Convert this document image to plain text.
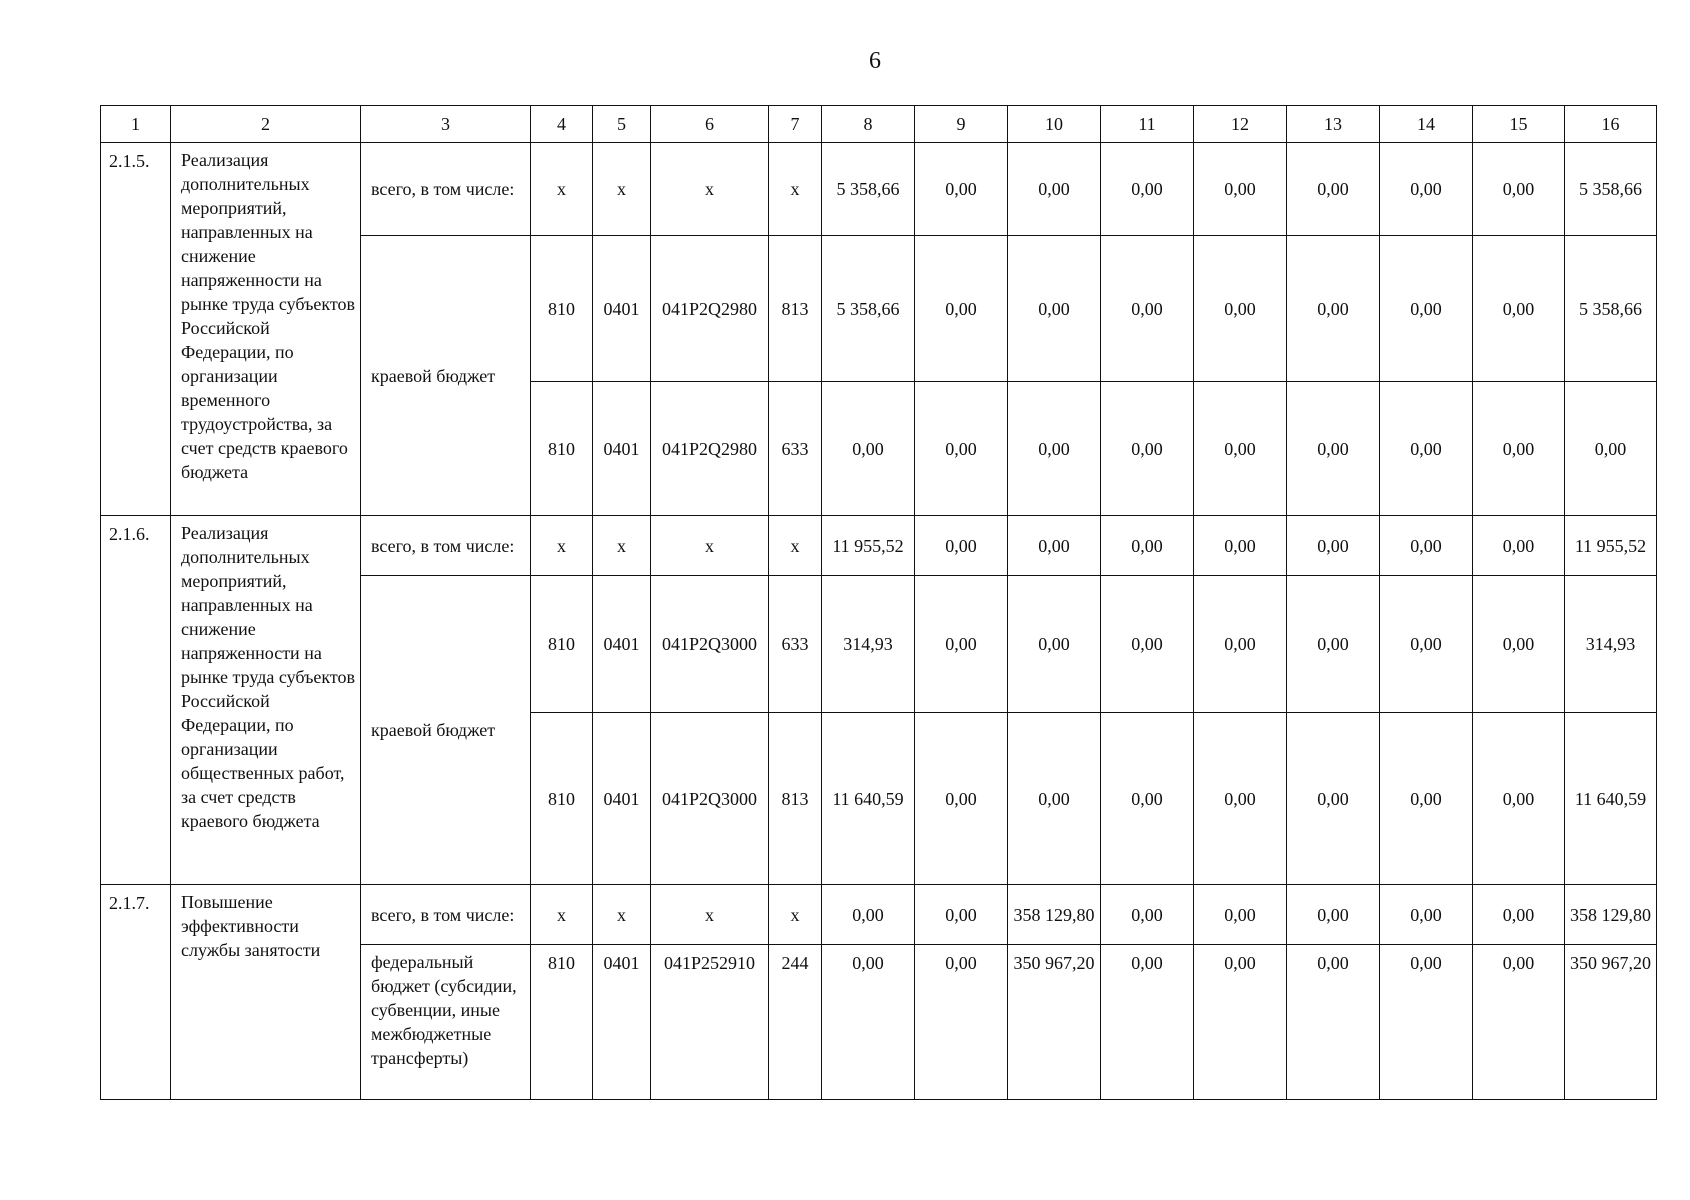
6
1	2	3	4	5	6	7	8	9	10	11	12	13	14	15	16
2.1.5.	Реализация дополнительных мероприятий, направленных на снижение напряженности на рынке труда субъектов Российской Федерации, по организации временного трудоустройства, за счет средств краевого бюджета	всего, в том числе:	х	х	х	х	5 358,66	0,00	0,00	0,00	0,00	0,00	0,00	0,00	5 358,66
		краевой бюджет	810	0401	041P2Q2980	813	5 358,66	0,00	0,00	0,00	0,00	0,00	0,00	0,00	5 358,66
			810	0401	041P2Q2980	633	0,00	0,00	0,00	0,00	0,00	0,00	0,00	0,00	0,00
2.1.6.	Реализация дополнительных мероприятий, направленных на снижение напряженности на рынке труда субъектов Российской Федерации, по организации общественных работ, за счет средств краевого бюджета	всего, в том числе:	х	х	х	х	11 955,52	0,00	0,00	0,00	0,00	0,00	0,00	0,00	11 955,52
		краевой бюджет	810	0401	041P2Q3000	633	314,93	0,00	0,00	0,00	0,00	0,00	0,00	0,00	314,93
			810	0401	041P2Q3000	813	11 640,59	0,00	0,00	0,00	0,00	0,00	0,00	0,00	11 640,59
2.1.7.	Повышение эффективности службы занятости	всего, в том числе:	х	х	х	х	0,00	0,00	358 129,80	0,00	0,00	0,00	0,00	0,00	358 129,80
		федеральный бюджет (субсидии, субвенции, иные межбюджетные трансферты)	810	0401	041P252910	244	0,00	0,00	350 967,20	0,00	0,00	0,00	0,00	0,00	350 967,20
